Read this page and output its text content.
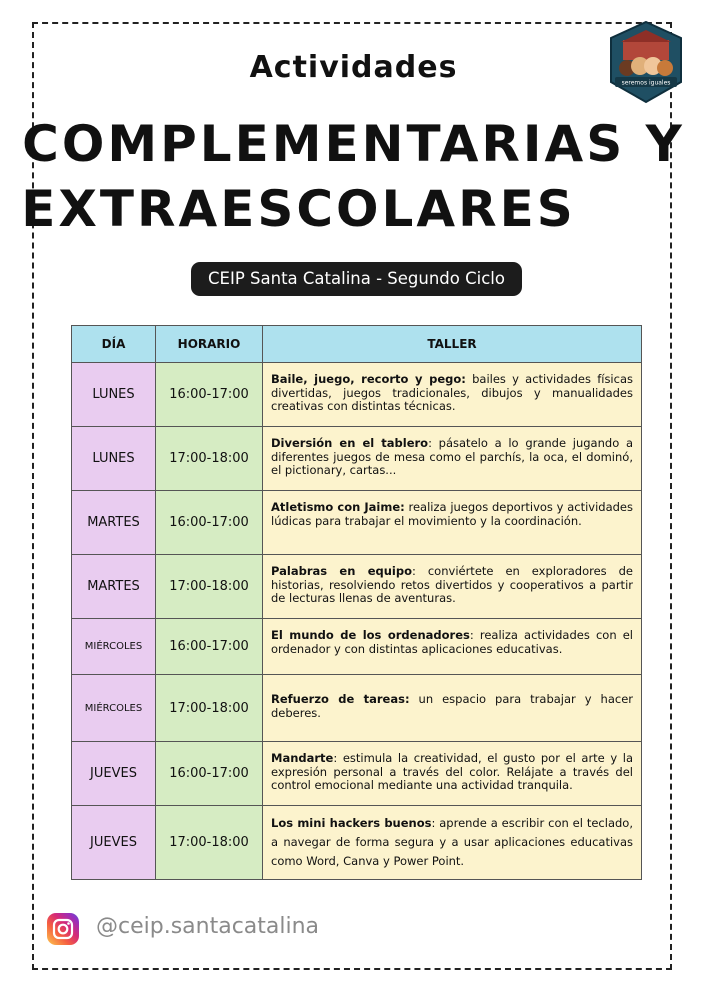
seremos iguales
Actividades
COMPLEMENTARIAS Y
EXTRAESCOLARES
CEIP Santa Catalina - Segundo Ciclo
DÍA	HORARIO	TALLER
LUNES	16:00-17:00	Baile, juego, recorto y pego: bailes y actividades físicas divertidas, juegos tradicionales, dibujos y manualidades creativas con distintas técnicas.
LUNES	17:00-18:00	Diversión en el tablero: pásatelo a lo grande jugando a diferentes juegos de mesa como el parchís, la oca, el dominó, el pictionary, cartas...
MARTES	16:00-17:00	Atletismo con Jaime: realiza juegos deportivos y actividades lúdicas para trabajar el movimiento y la coordinación.
MARTES	17:00-18:00	Palabras en equipo: conviértete en exploradores de historias, resolviendo retos divertidos y cooperativos a partir de lecturas llenas de aventuras.
MIÉRCOLES	16:00-17:00	El mundo de los ordenadores: realiza actividades con el ordenador y con distintas aplicaciones educativas.
MIÉRCOLES	17:00-18:00	Refuerzo de tareas: un espacio para trabajar y hacer deberes.
JUEVES	16:00-17:00	Mandarte: estimula la creatividad, el gusto por el arte y la expresión personal a través del color. Relájate a través del control emocional mediante una actividad tranquila.
JUEVES	17:00-18:00	Los mini hackers buenos: aprende a escribir con el teclado, a navegar de forma segura y a usar aplicaciones educativas como Word, Canva y Power Point.
@ceip.santacatalina
